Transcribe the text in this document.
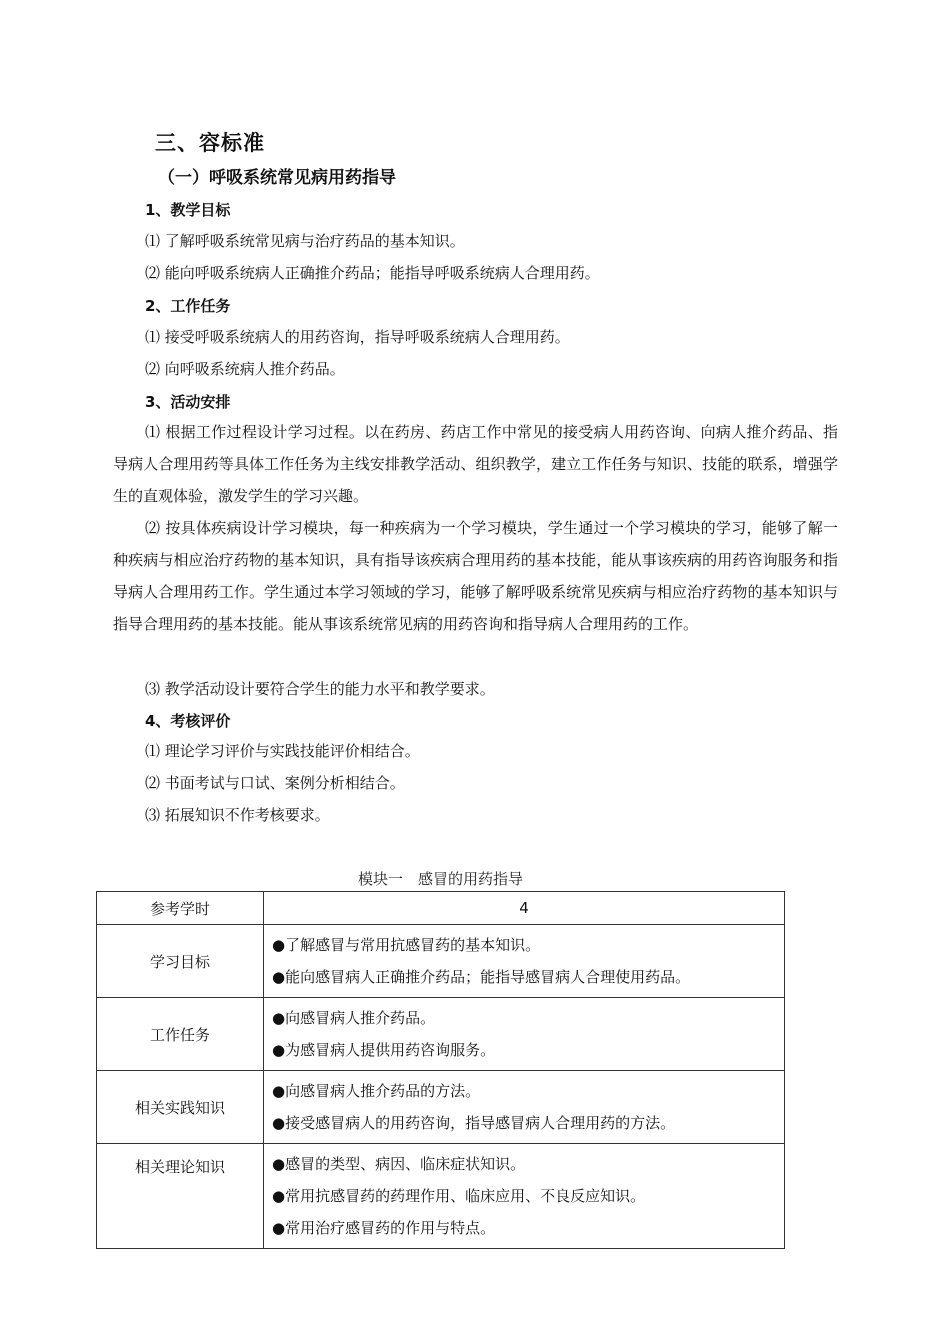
三、容标准
（一）呼吸系统常见病用药指导
1、教学目标
⑴ 了解呼吸系统常见病与治疗药品的基本知识。
⑵ 能向呼吸系统病人正确推介药品；能指导呼吸系统病人合理用药。
2、工作任务
⑴ 接受呼吸系统病人的用药咨询，指导呼吸系统病人合理用药。
⑵ 向呼吸系统病人推介药品。
3、活动安排
⑴ 根据工作过程设计学习过程。以在药房、药店工作中常见的接受病人用药咨询、向病人推介药品、指导病人合理用药等具体工作任务为主线安排教学活动、组织教学，建立工作任务与知识、技能的联系，增强学生的直观体验，激发学生的学习兴趣。
⑵ 按具体疾病设计学习模块，每一种疾病为一个学习模块，学生通过一个学习模块的学习，能够了解一种疾病与相应治疗药物的基本知识，具有指导该疾病合理用药的基本技能，能从事该疾病的用药咨询服务和指导病人合理用药工作。学生通过本学习领域的学习，能够了解呼吸系统常见疾病与相应治疗药物的基本知识与指导合理用药的基本技能。能从事该系统常见病的用药咨询和指导病人合理用药的工作。
⑶ 教学活动设计要符合学生的能力水平和教学要求。
4、考核评价
⑴ 理论学习评价与实践技能评价相结合。
⑵ 书面考试与口试、案例分析相结合。
⑶ 拓展知识不作考核要求。
模块一　感冒的用药指导
参考学时	4
学习目标	●了解感冒与常用抗感冒药的基本知识。
●能向感冒病人正确推介药品；能指导感冒病人合理使用药品。

工作任务	●向感冒病人推介药品。
●为感冒病人提供用药咨询服务。

相关实践知识	●向感冒病人推介药品的方法。
●接受感冒病人的用药咨询，指导感冒病人合理用药的方法。

相关理论知识	●感冒的类型、病因、临床症状知识。
●常用抗感冒药的药理作用、临床应用、不良反应知识。
●常用治疗感冒药的作用与特点。
